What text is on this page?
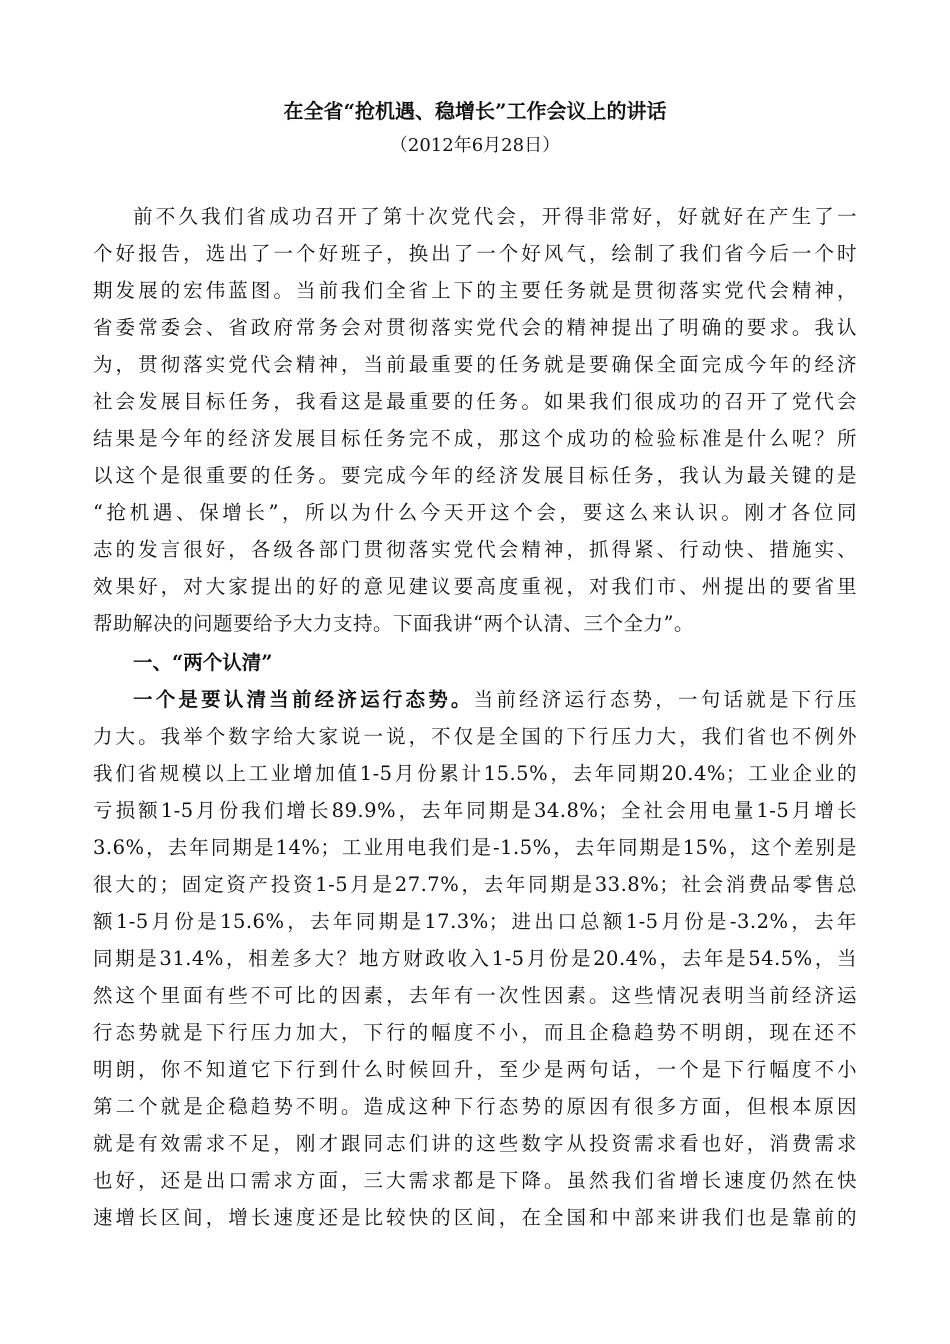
在全省“抢机遇、稳增长”工作会议上的讲话
（2012年6月28日）
前不久我们省成功召开了第十次党代会，开得非常好，好就好在产生了一
个好报告，选出了一个好班子，换出了一个好风气，绘制了我们省今后一个时
期发展的宏伟蓝图。当前我们全省上下的主要任务就是贯彻落实党代会精神，
省委常委会、省政府常务会对贯彻落实党代会的精神提出了明确的要求。我认
为，贯彻落实党代会精神，当前最重要的任务就是要确保全面完成今年的经济
社会发展目标任务，我看这是最重要的任务。如果我们很成功的召开了党代会
结果是今年的经济发展目标任务完不成，那这个成功的检验标准是什么呢？所
以这个是很重要的任务。要完成今年的经济发展目标任务，我认为最关键的是
“抢机遇、保增长”，所以为什么今天开这个会，要这么来认识。刚才各位同
志的发言很好，各级各部门贯彻落实党代会精神，抓得紧、行动快、措施实、
效果好，对大家提出的好的意见建议要高度重视，对我们市、州提出的要省里
帮助解决的问题要给予大力支持。下面我讲“两个认清、三个全力”。
一、“两个认清”
一个是要认清当前经济运行态势。当前经济运行态势，一句话就是下行压
力大。我举个数字给大家说一说，不仅是全国的下行压力大，我们省也不例外
我们省规模以上工业增加值1-5月份累计15.5%，去年同期20.4%；工业企业的
亏损额1-5月份我们增长89.9%，去年同期是34.8%；全社会用电量1-5月增长
3.6%，去年同期是14%；工业用电我们是-1.5%，去年同期是15%，这个差别是
很大的；固定资产投资1-5月是27.7%，去年同期是33.8%；社会消费品零售总
额1-5月份是15.6%，去年同期是17.3%；进出口总额1-5月份是-3.2%，去年
同期是31.4%，相差多大？地方财政收入1-5月份是20.4%，去年是54.5%，当
然这个里面有些不可比的因素，去年有一次性因素。这些情况表明当前经济运
行态势就是下行压力加大，下行的幅度不小，而且企稳趋势不明朗，现在还不
明朗，你不知道它下行到什么时候回升，至少是两句话，一个是下行幅度不小
第二个就是企稳趋势不明。造成这种下行态势的原因有很多方面，但根本原因
就是有效需求不足，刚才跟同志们讲的这些数字从投资需求看也好，消费需求
也好，还是出口需求方面，三大需求都是下降。虽然我们省增长速度仍然在快
速增长区间，增长速度还是比较快的区间，在全国和中部来讲我们也是靠前的
